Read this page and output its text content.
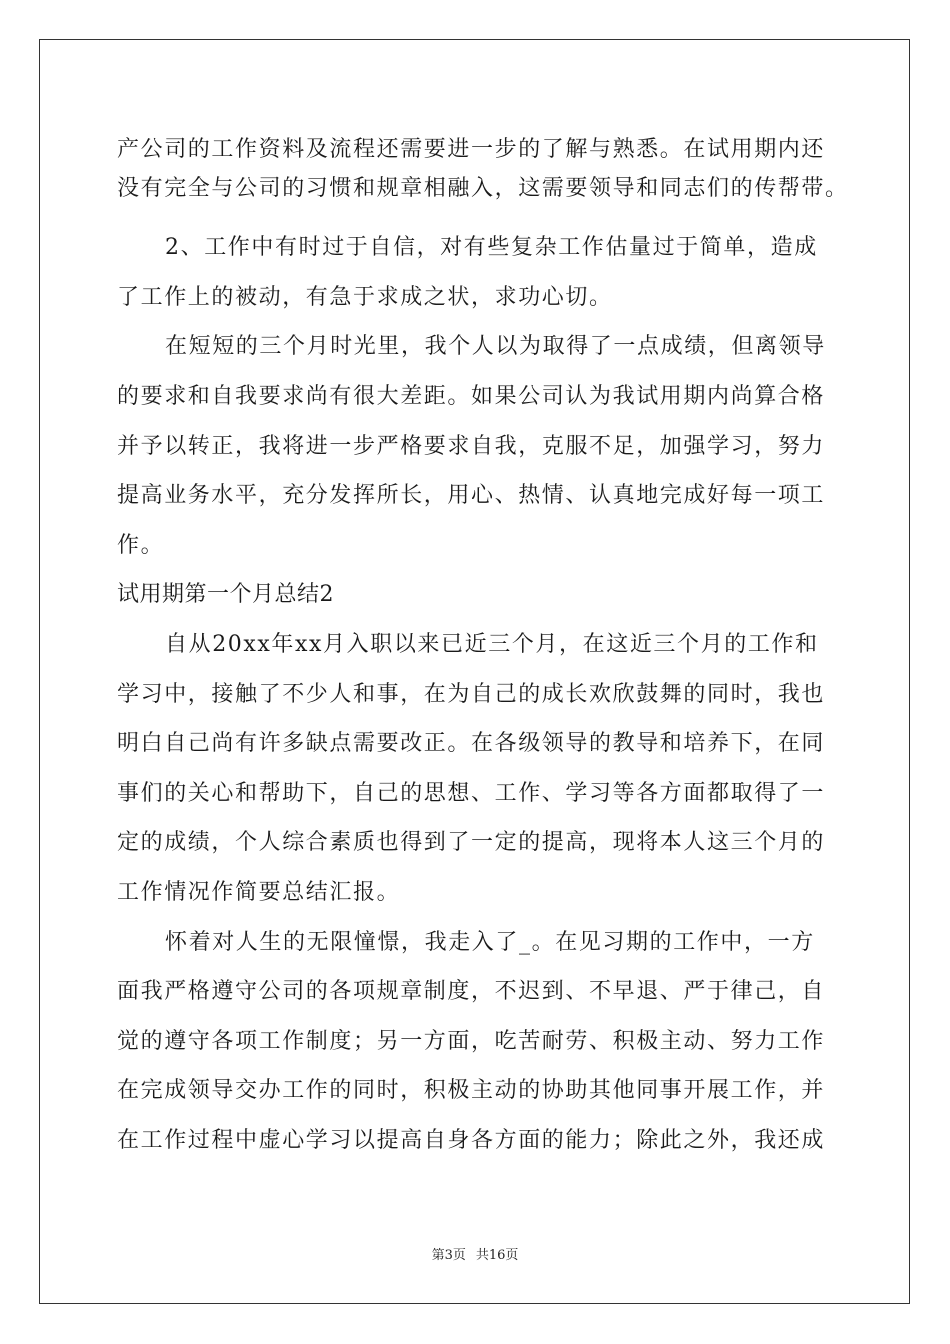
产公司的工作资料及流程还需要进一步的了解与熟悉。在试用期内还
没有完全与公司的习惯和规章相融入，这需要领导和同志们的传帮带。
2、工作中有时过于自信，对有些复杂工作估量过于简单，造成
了工作上的被动，有急于求成之状，求功心切。
在短短的三个月时光里，我个人以为取得了一点成绩，但离领导
的要求和自我要求尚有很大差距。如果公司认为我试用期内尚算合格
并予以转正，我将进一步严格要求自我，克服不足，加强学习，努力
提高业务水平，充分发挥所长，用心、热情、认真地完成好每一项工
作。
试用期第一个月总结2
自从20xx年xx月入职以来已近三个月，在这近三个月的工作和
学习中，接触了不少人和事，在为自己的成长欢欣鼓舞的同时，我也
明白自己尚有许多缺点需要改正。在各级领导的教导和培养下，在同
事们的关心和帮助下，自己的思想、工作、学习等各方面都取得了一
定的成绩，个人综合素质也得到了一定的提高，现将本人这三个月的
工作情况作简要总结汇报。
怀着对人生的无限憧憬，我走入了_。在见习期的工作中，一方
面我严格遵守公司的各项规章制度，不迟到、不早退、严于律己，自
觉的遵守各项工作制度；另一方面，吃苦耐劳、积极主动、努力工作
在完成领导交办工作的同时，积极主动的协助其他同事开展工作，并
在工作过程中虚心学习以提高自身各方面的能力；除此之外，我还成
第3页 共16页
